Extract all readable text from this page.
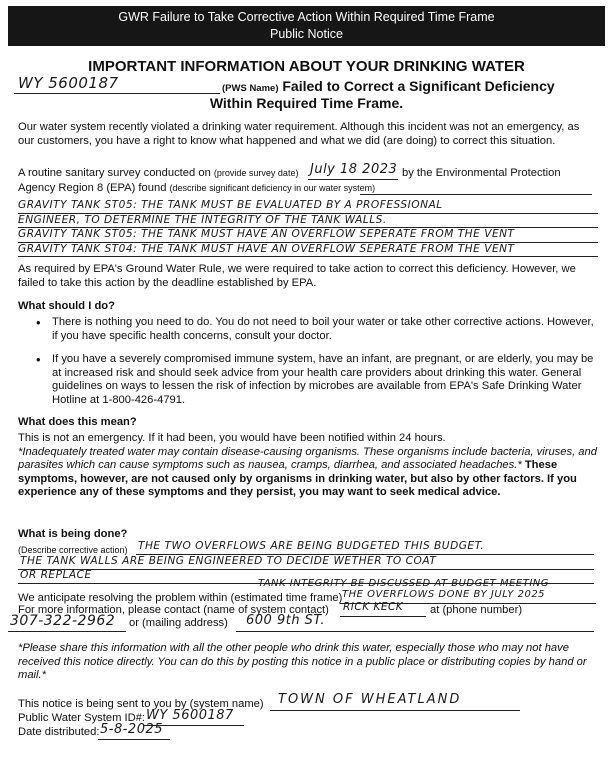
GWR Failure to Take Corrective Action Within Required Time Frame
Public Notice
IMPORTANT INFORMATION ABOUT YOUR DRINKING WATER
WY 5600187	(PWS Name) Failed to Correct a Significant Deficiency
Within Required Time Frame.
Our water system recently violated a drinking water requirement. Although this incident was not an emergency, as our customers, you have a right to know what happened and what we did (are doing) to correct this situation.
A routine sanitary survey conducted on (provide survey date) July 18 2023 by the Environmental Protection
Agency Region 8 (EPA) found (describe significant deficiency in our water system)
GRAVITY TANK ST05: THE TANK MUST BE EVALUATED BY A PROFESSIONAL
ENGINEER, TO DETERMINE THE INTEGRITY OF THE TANK WALLS.
GRAVITY TANK ST05: THE TANK MUST HAVE AN OVERFLOW SEPERATE FROM THE VENT
GRAVITY TANK ST04: THE TANK MUST HAVE AN OVERFLOW SEPERATE FROM THE VENT
As required by EPA's Ground Water Rule, we were required to take action to correct this deficiency. However, we failed to take this action by the deadline established by EPA.
What should I do?
• There is nothing you need to do. You do not need to boil your water or take other corrective actions. However, if you have specific health concerns, consult your doctor.
• If you have a severely compromised immune system, have an infant, are pregnant, or are elderly, you may be at increased risk and should seek advice from your health care providers about drinking this water. General guidelines on ways to lessen the risk of infection by microbes are available from EPA's Safe Drinking Water Hotline at 1-800-426-4791.
What does this mean?
This is not an emergency. If it had been, you would have been notified within 24 hours.
*Inadequately treated water may contain disease-causing organisms. These organisms include bacteria, viruses, and parasites which can cause symptoms such as nausea, cramps, diarrhea, and associated headaches.* These symptoms, however, are not caused only by organisms in drinking water, but also by other factors. If you experience any of these symptoms and they persist, you may want to seek medical advice.
What is being done?
(Describe corrective action) THE TWO OVERFLOWS ARE BEING BUDGETED THIS BUDGET.
THE TANK WALLS ARE BEING ENGINEERED TO DECIDE WETHER TO COAT
OR REPLACE
TANK INTEGRITY BE DISCUSSED AT BUDGET MEETING
We anticipate resolving the problem within (estimated time frame) THE OVERFLOWS DONE BY JULY 2025
For more information, please contact (name of system contact) RICK KECK at (phone number)
307-322-2962 or (mailing address) 600 9th ST.
*Please share this information with all the other people who drink this water, especially those who may not have received this notice directly. You can do this by posting this notice in a public place or distributing copies by hand or mail.*
This notice is being sent to you by (system name) TOWN OF WHEATLAND
Public Water System ID#: WY 5600187
Date distributed: 5-8-2025
